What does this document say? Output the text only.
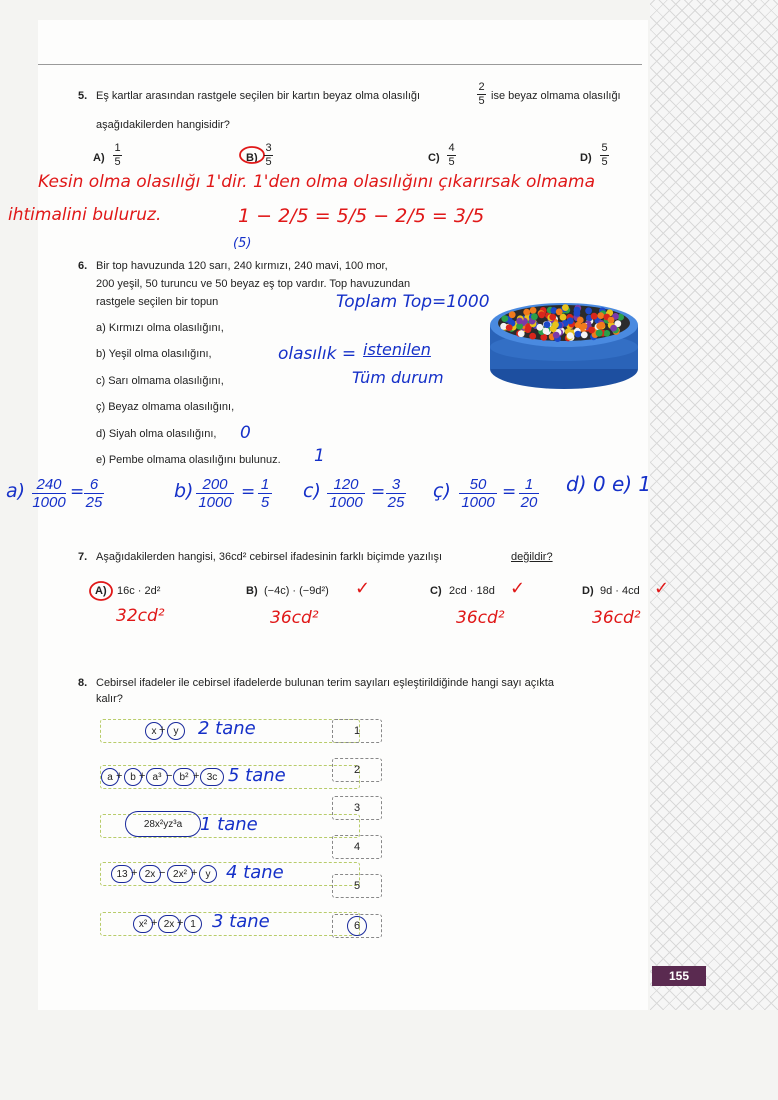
5. Eş kartlar arasından rastgele seçilen bir kartın beyaz olma olasılığı
2
5 ise beyaz olmama olasılığı
aşağıdakilerden hangisidir?
A)
1
5	B)
3
5	C)
4
5	D)
5
5
Kesin olma olasılığı 1'dir. 1'den olma olasılığını çıkarırsak olmama
ihtimalini buluruz.	1 − 2/5 = 5/5 − 2/5 = 3/5
(5)
6. Bir top havuzunda 120 sarı, 240 kırmızı, 240 mavi, 100 mor,
200 yeşil, 50 turuncu ve 50 beyaz eş top vardır. Top havuzundan
rastgele seçilen bir topun
a) Kırmızı olma olasılığını,
b) Yeşil olma olasılığını,
c) Sarı olmama olasılığını,
ç) Beyaz olmama olasılığını,
d) Siyah olma olasılığını, 0
e) Pembe olmama olasılığını bulunuz. 1
Toplam Top=1000
olasılık = istenilen
Tüm durum
a) 240
1000
= 6
25
b) 200
1000
= 1
5
c) 120
1000
= 3
25
ç) 50
1000
= 1
20
d) 0 e) 1
7. Aşağıdakilerden hangisi, 36cd² cebirsel ifadesinin farklı biçimde yazılışı	değildir?
A) 16c · 2d²
32cd²
B) (−4c) · (−9d²) ✓
36cd²
C) 2cd · 18d ✓
36cd²
D) 9d · 4cd ✓
36cd²
8. Cebirsel ifadeler ile cebirsel ifadelerde bulunan terim sayıları eşleştirildiğinde hangi sayı açıkta
kalır?
x + y	2 tane	1
a + b + a³ − b² + 3c 5 tane	2
28x²yz³a 1 tane
3
13 + 2x − 2x² + y 4 tane
4
x² + 2x + 1 3 tane
5
6
155
